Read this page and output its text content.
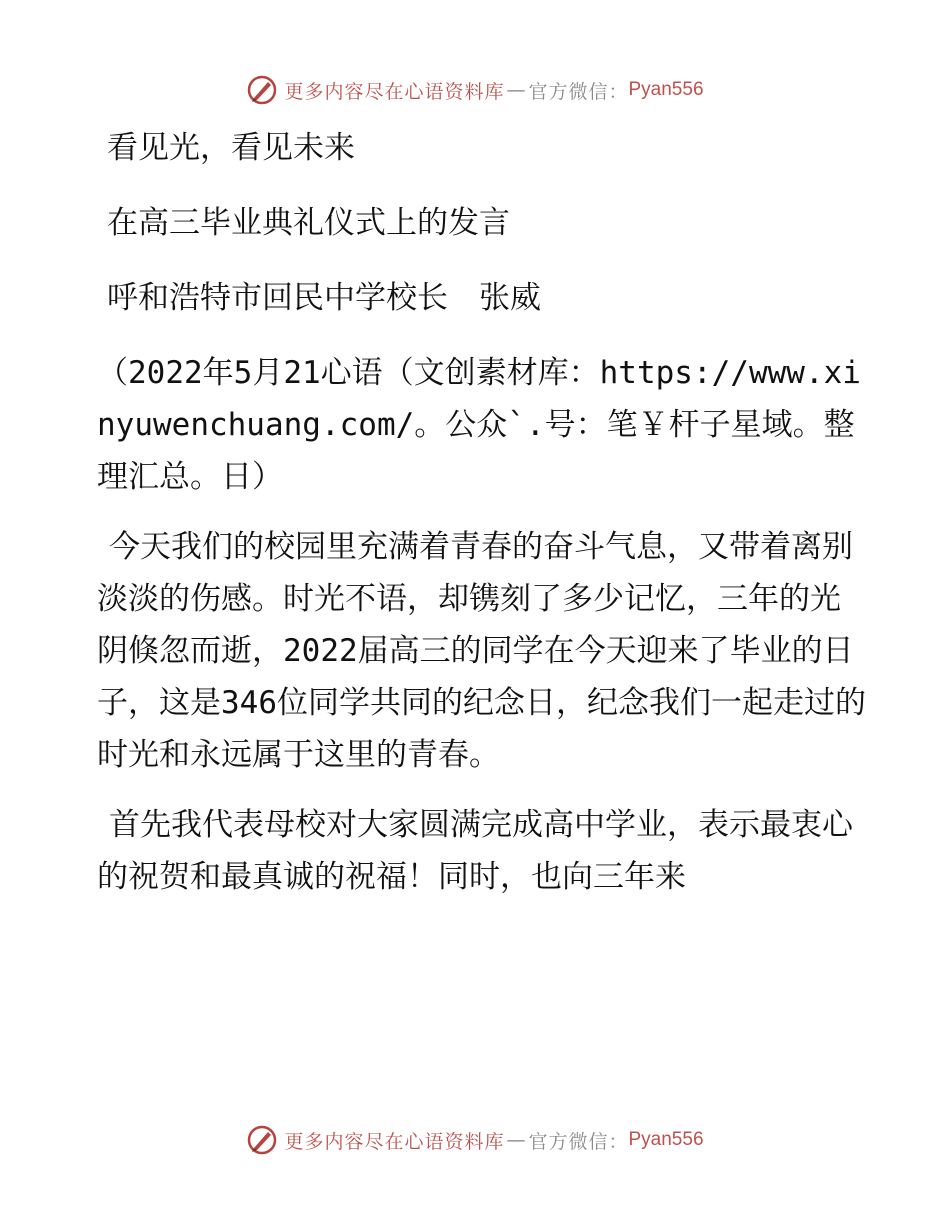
更多内容尽在心语资料库 — 官方微信： Pyan556

看见光，看见未来

在高三毕业典礼仪式上的发言

呼和浩特市回民中学校长　张威

（2022年5月21心语（文创素材库：https://www.xinyuwenchuang.com/。公众`.号：笔￥杆子星域。整理汇总。日）

今天我们的校园里充满着青春的奋斗气息，又带着离别淡淡的伤感。时光不语，却镌刻了多少记忆，三年的光阴倏忽而逝，2022届高三的同学在今天迎来了毕业的日子，这是346位同学共同的纪念日，纪念我们一起走过的时光和永远属于这里的青春。

首先我代表母校对大家圆满完成高中学业，表示最衷心的祝贺和最真诚的祝福！同时，也向三年来

更多内容尽在心语资料库 — 官方微信： Pyan556
